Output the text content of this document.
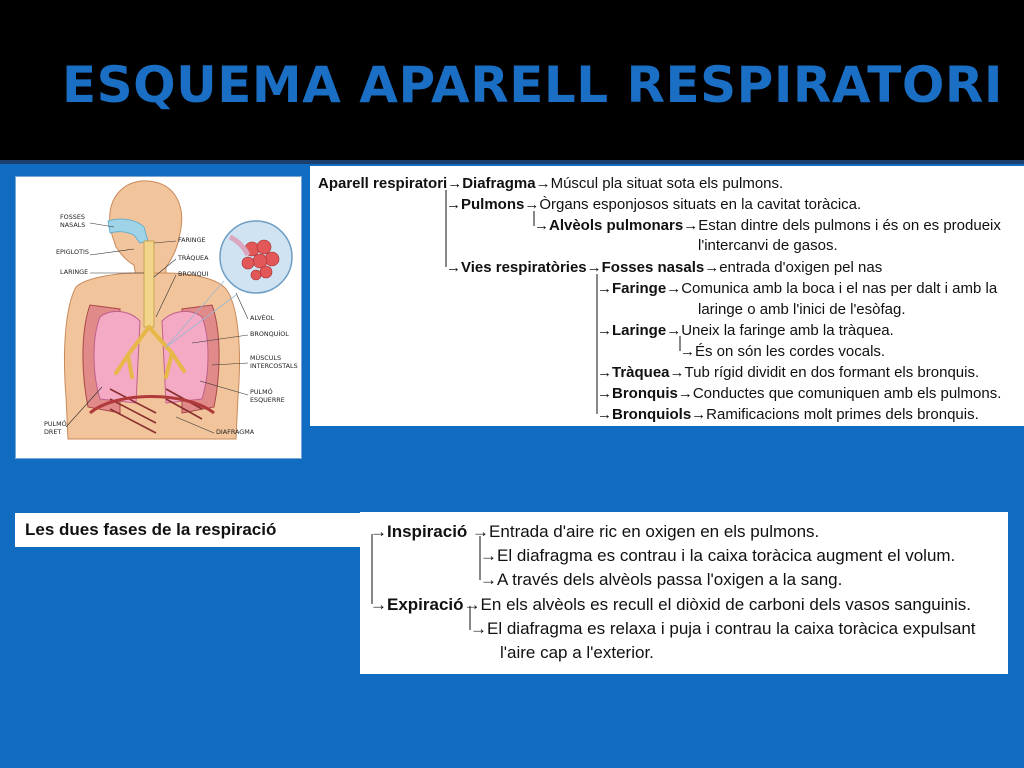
ESQUEMA APARELL RESPIRATORI
FOSSES
NASALS
EPIGLOTIS
LARINGE
FARINGE
TRÀQUEA
BRONQUI
ALVÈOL
BRONQUÍOL
MÚSCULS
INTERCOSTALS
PULMÓ
ESQUERRE
PULMÓ
DRET	DIAFRAGMA
Aparell respiratori→Diafragma→Múscul pla situat sota els pulmons.
→Pulmons→Òrgans esponjosos situats en la cavitat toràcica.
→Alvèols pulmonars→Estan dintre dels pulmons i és on es produeix
l'intercanvi de gasos.
→Vies respiratòries→Fosses nasals→entrada d'oxigen pel nas
→Faringe→Comunica amb la boca i el nas per dalt i amb la
laringe o amb l'inici de l'esòfag.
→Laringe→Uneix la faringe amb la tràquea.
→És on són les cordes vocals.
→Tràquea→Tub rígid dividit en dos formant els bronquis.
→Bronquis→Conductes que comuniquen amb els pulmons.
→Bronquiols→Ramificacions molt primes dels bronquis.
Les dues fases de la respiració	→Inspiració →Entrada d'aire ric en oxigen en els pulmons.
→El diafragma es contrau i la caixa toràcica augment el volum.
→A través dels alvèols passa l'oxigen a la sang.
→Expiració→En els alvèols es recull el diòxid de carboni dels vasos sanguinis.
→El diafragma es relaxa i puja i contrau la caixa toràcica expulsant
l'aire cap a l'exterior.
